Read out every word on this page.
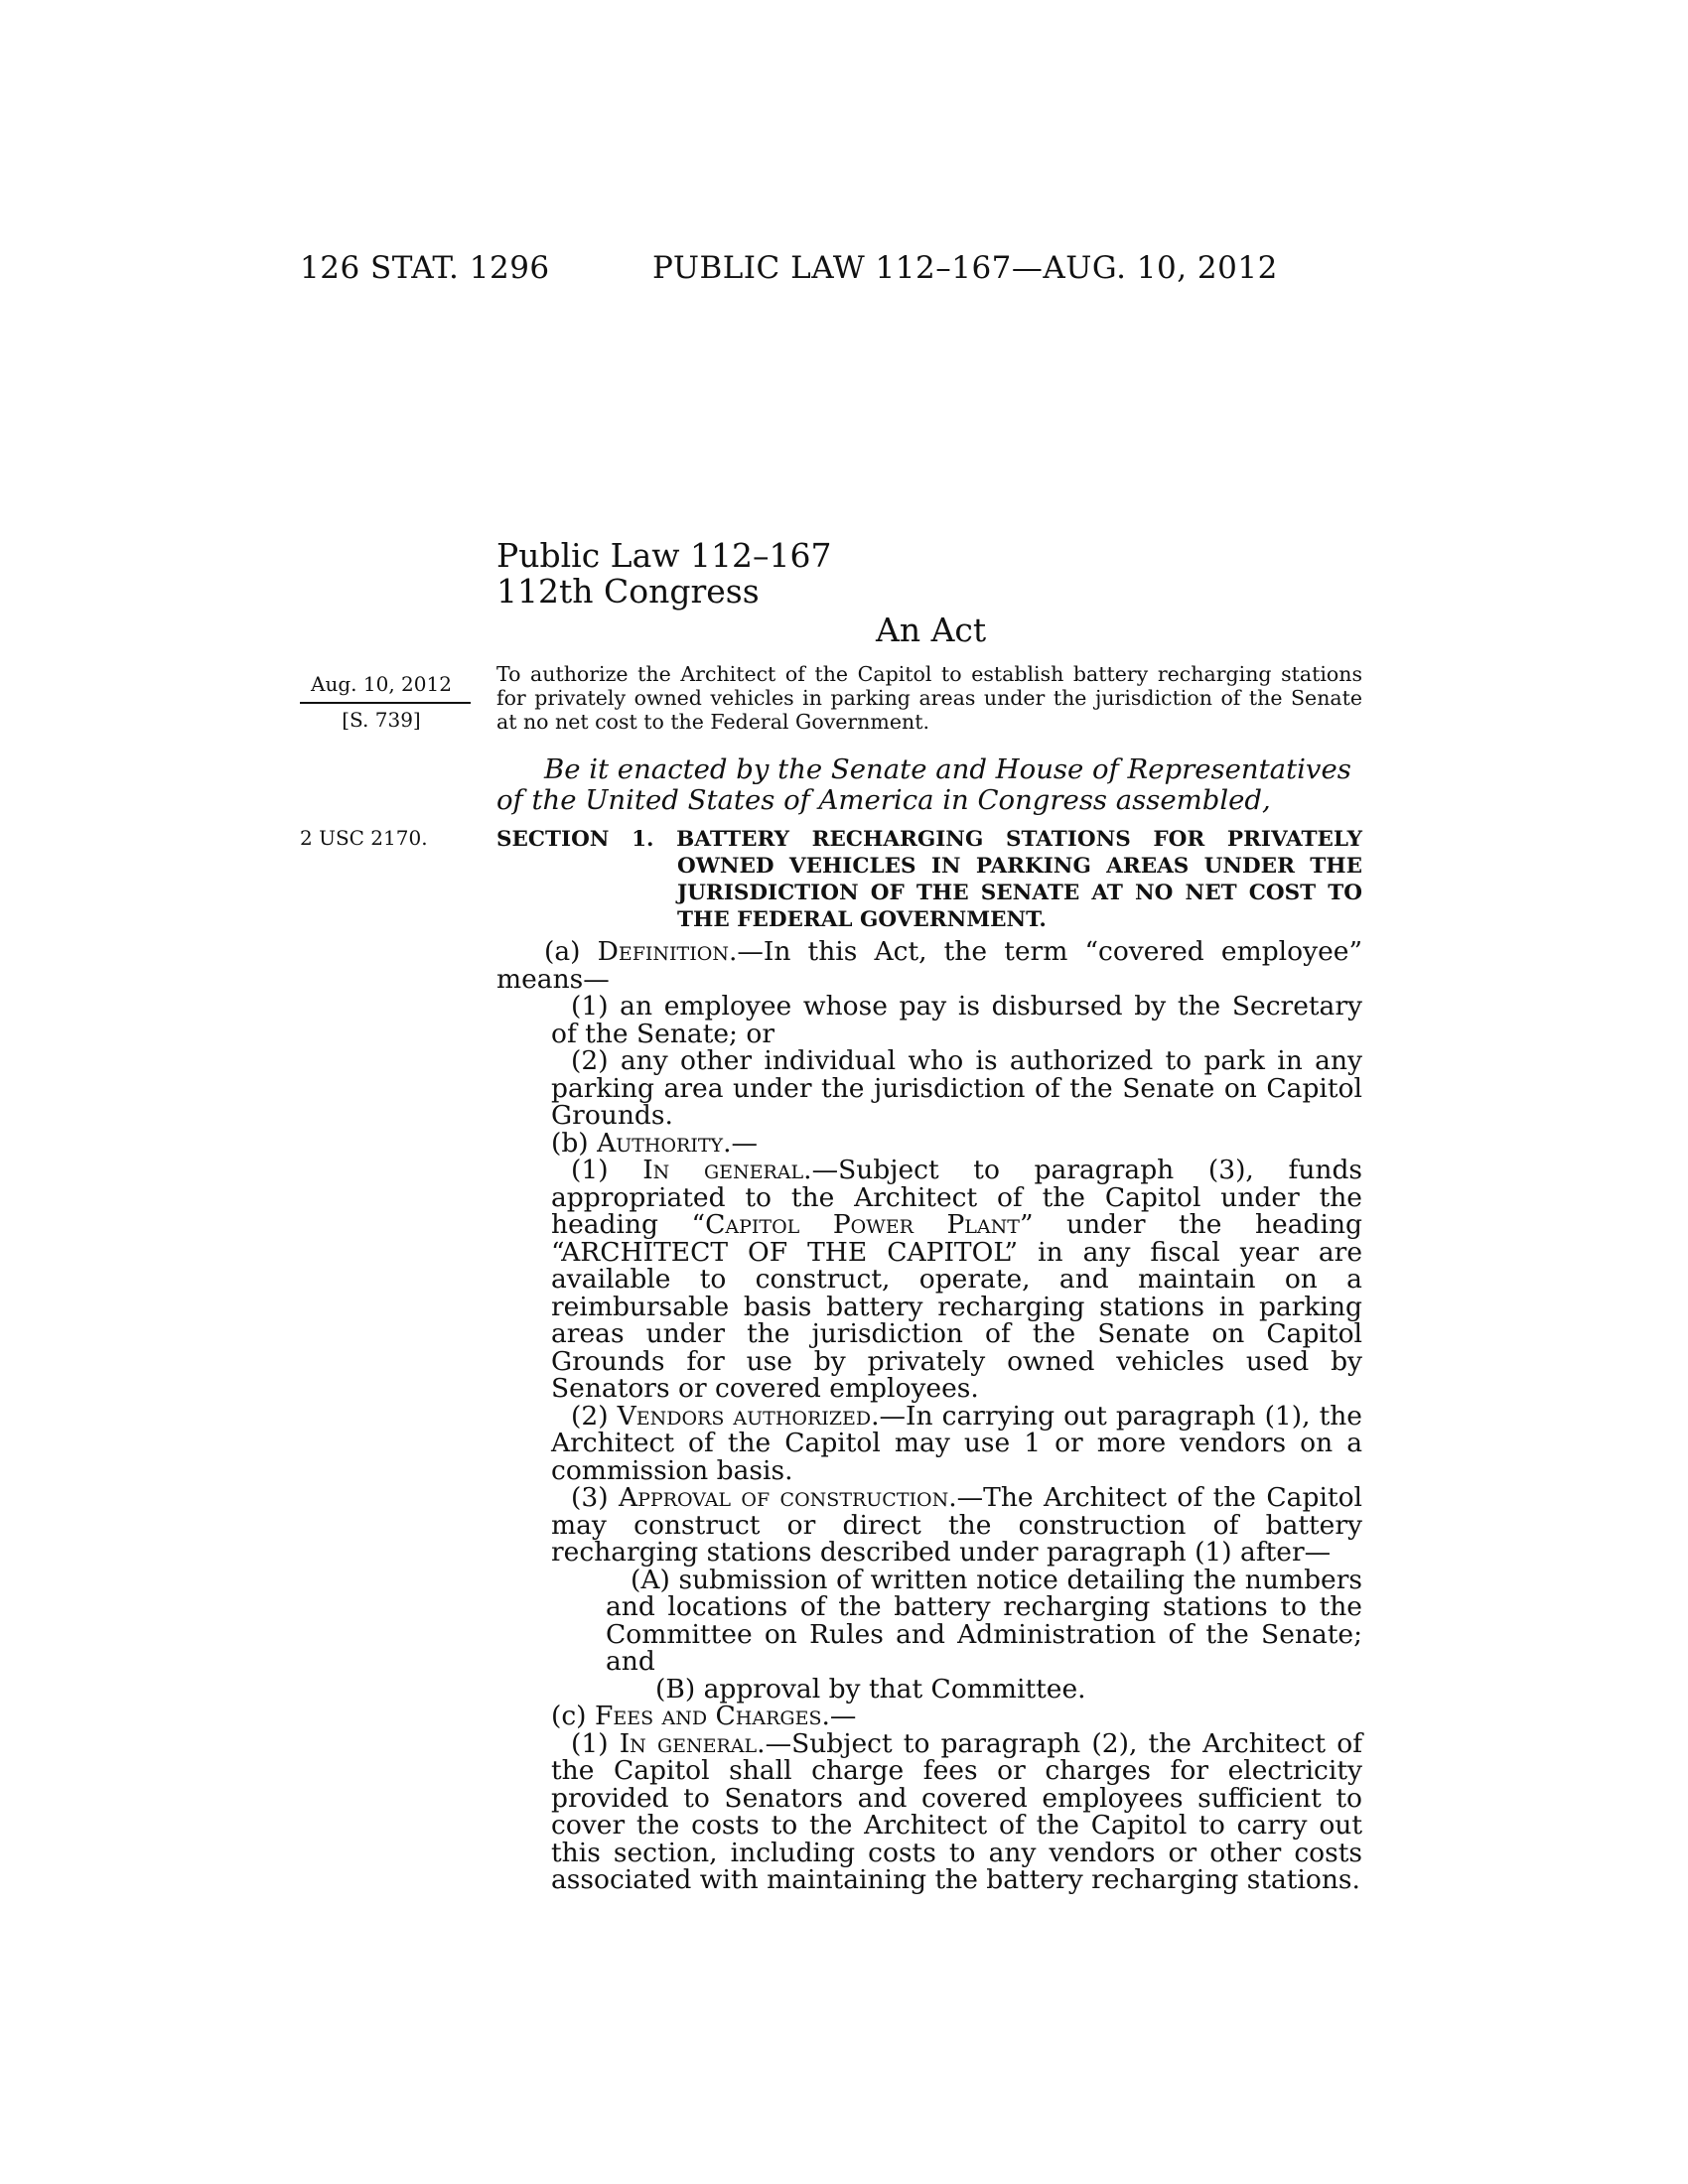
126 STAT. 1296	PUBLIC LAW 112–167—AUG. 10, 2012
Public Law 112–167
112th Congress
An Act
Aug. 10, 2012
[S. 739]
2 USC 2170.
To authorize the Architect of the Capitol to establish battery recharging stations for privately owned vehicles in parking areas under the jurisdiction of the Senate at no net cost to the Federal Government.
Be it enacted by the Senate and House of Representatives of the United States of America in Congress assembled,
SECTION 1. BATTERY RECHARGING STATIONS FOR PRIVATELY OWNED VEHICLES IN PARKING AREAS UNDER THE JURISDICTION OF THE SENATE AT NO NET COST TO THE FEDERAL GOVERNMENT.

(a) Definition.—In this Act, the term “covered employee” means—

(1) an employee whose pay is disbursed by the Secretary of the Senate; or

(2) any other individual who is authorized to park in any parking area under the jurisdiction of the Senate on Capitol Grounds.

(b) Authority.—

(1) In general.—Subject to paragraph (3), funds appropriated to the Architect of the Capitol under the heading “Capitol Power Plant” under the heading “ARCHITECT OF THE CAPITOL” in any fiscal year are available to construct, operate, and maintain on a reimbursable basis battery recharging stations in parking areas under the jurisdiction of the Senate on Capitol Grounds for use by privately owned vehicles used by Senators or covered employees.

(2) Vendors authorized.—In carrying out paragraph (1), the Architect of the Capitol may use 1 or more vendors on a commission basis.

(3) Approval of construction.—The Architect of the Capitol may construct or direct the construction of battery recharging stations described under paragraph (1) after—

(A) submission of written notice detailing the numbers and locations of the battery recharging stations to the Committee on Rules and Administration of the Senate; and

(B) approval by that Committee.

(c) Fees and Charges.—

(1) In general.—Subject to paragraph (2), the Architect of the Capitol shall charge fees or charges for electricity provided to Senators and covered employees sufficient to cover the costs to the Architect of the Capitol to carry out this section, including costs to any vendors or other costs associated with maintaining the battery recharging stations.
